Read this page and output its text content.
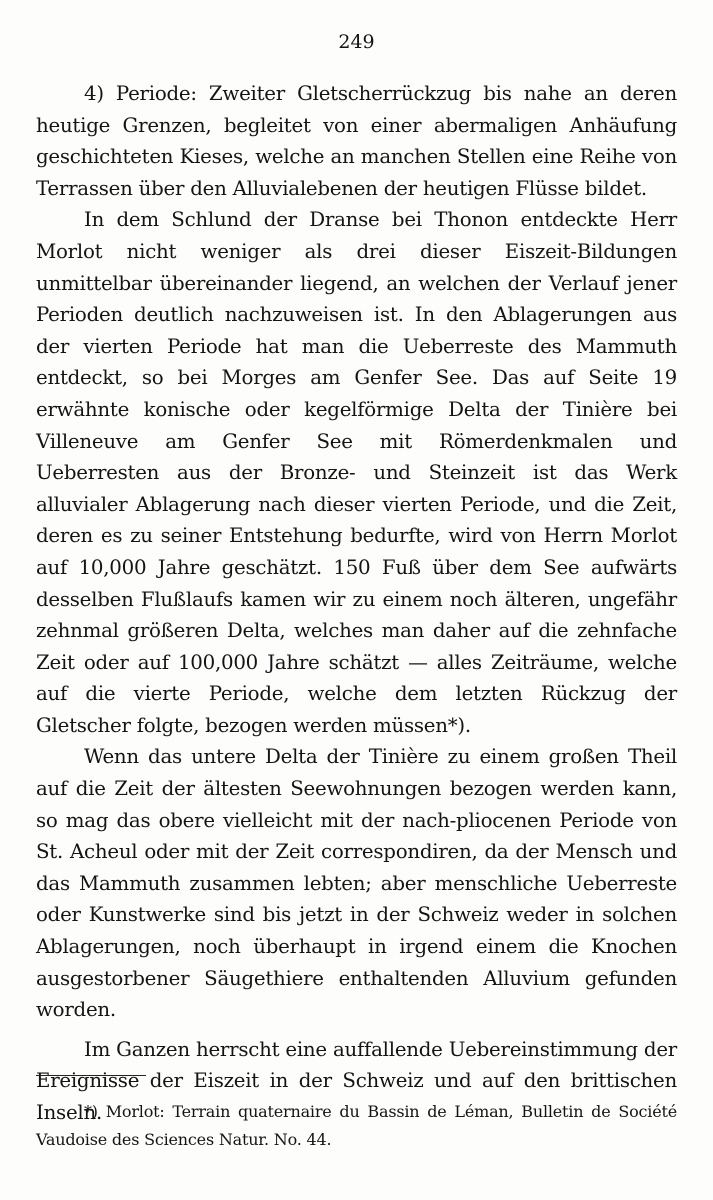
249

4) Periode: Zweiter Gletscherrückzug bis nahe an deren heutige Grenzen, begleitet von einer abermaligen Anhäufung geschichteten Kieses, welche an manchen Stellen eine Reihe von Terrassen über den Alluvialebenen der heutigen Flüsse bildet.

In dem Schlund der Dranse bei Thonon entdeckte Herr Morlot nicht weniger als drei dieser Eiszeit-Bildungen unmittelbar übereinander liegend, an welchen der Verlauf jener Perioden deutlich nachzuweisen ist. In den Ablagerungen aus der vierten Periode hat man die Ueberreste des Mammuth entdeckt, so bei Morges am Genfer See. Das auf Seite 19 erwähnte konische oder kegelförmige Delta der Tinière bei Villeneuve am Genfer See mit Römerdenkmalen und Ueberresten aus der Bronze- und Steinzeit ist das Werk alluvialer Ablagerung nach dieser vierten Periode, und die Zeit, deren es zu seiner Entstehung bedurfte, wird von Herrn Morlot auf 10,000 Jahre geschätzt. 150 Fuß über dem See aufwärts desselben Flußlaufs kamen wir zu einem noch älteren, ungefähr zehnmal größeren Delta, welches man daher auf die zehnfache Zeit oder auf 100,000 Jahre schätzt — alles Zeiträume, welche auf die vierte Periode, welche dem letzten Rückzug der Gletscher folgte, bezogen werden müssen*).

Wenn das untere Delta der Tinière zu einem großen Theil auf die Zeit der ältesten Seewohnungen bezogen werden kann, so mag das obere vielleicht mit der nach-pliocenen Periode von St. Acheul oder mit der Zeit correspondiren, da der Mensch und das Mammuth zusammen lebten; aber menschliche Ueberreste oder Kunstwerke sind bis jetzt in der Schweiz weder in solchen Ablagerungen, noch überhaupt in irgend einem die Knochen ausgestorbener Säugethiere enthaltenden Alluvium gefunden worden.

Im Ganzen herrscht eine auffallende Uebereinstimmung der Ereignisse der Eiszeit in der Schweiz und auf den brittischen Inseln.

*) Morlot: Terrain quaternaire du Bassin de Léman, Bulletin de Société Vaudoise des Sciences Natur. No. 44.
